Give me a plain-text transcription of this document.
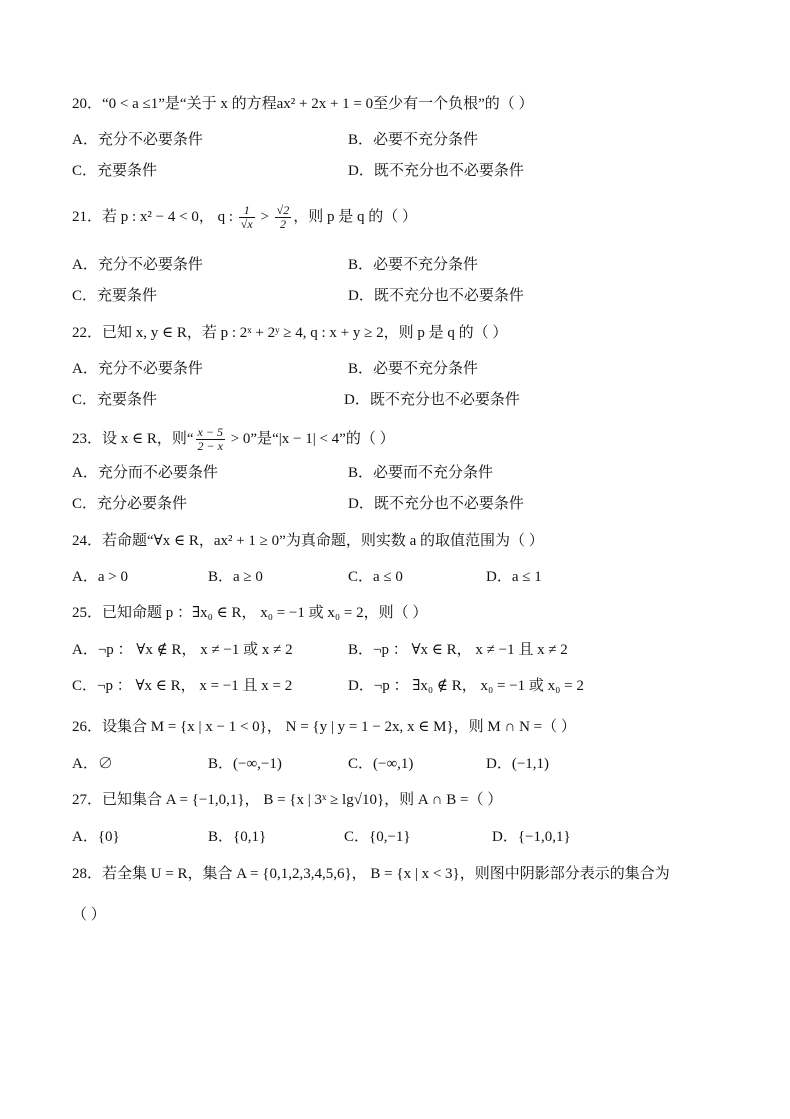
20．“0 < a ≤1”是“关于 x 的方程ax² + 2x + 1 = 0至少有一个负根”的（ ）
A．充分不必要条件	B．必要不充分条件
C．充要条件	D．既不充分也不必要条件
21．若 p : x² − 4 < 0， q : $\frac{1}{√x} > \frac{√2}{2}$ ，则 p 是 q 的（ ）
A．充分不必要条件	B．必要不充分条件
C．充要条件	D．既不充分也不必要条件
22．已知 x, y ∈ R，若 p : 2ˣ + 2ʸ ≥ 4, q : x + y ≥ 2，则 p 是 q 的（ ）
A．充分不必要条件	B．必要不充分条件
C．充要条件	D．既不充分也不必要条件
23．设 x ∈ R，则“ $\frac{x - 5}{2 - x} > 0$”是“|x − 1| < 4”的（ ）
A．充分而不必要条件	B．必要而不充分条件
C．充分必要条件	D．既不充分也不必要条件
24．若命题“∀x ∈ R，ax² + 1 ≥ 0”为真命题，则实数 a 的取值范围为（ ）
A．a > 0	B．a ≥ 0	C．a ≤ 0	D．a ≤ 1
25．已知命题 p ：∃x₀ ∈ R， x₀ = −1 或 x₀ = 2，则（ ）
A．¬p ： ∀x ∉ R， x ≠ −1 或 x ≠ 2	B．¬p ： ∀x ∈ R， x ≠ −1 且 x ≠ 2
C．¬p ： ∀x ∈ R， x = −1 且 x = 2	D．¬p ： ∃x₀ ∉ R， x₀ = −1 或 x₀ = 2
26．设集合 M = {x | x − 1 < 0}， N = {y | y = 1 − 2x, x ∈ M}，则 M ∩ N =（ ）
A．∅	B．(−∞,−1)	C．(−∞,1)	D．(−1,1)
27．已知集合 A = {−1,0,1}， B = {x | 3ˣ ≥ lg√10}，则 A ∩ B =（ ）
A．{0}	B．{0,1}	C．{0,−1}	D．{−1,0,1}
28．若全集 U = R，集合 A = {0,1,2,3,4,5,6}， B = {x | x < 3}，则图中阴影部分表示的集合为
（ ）
